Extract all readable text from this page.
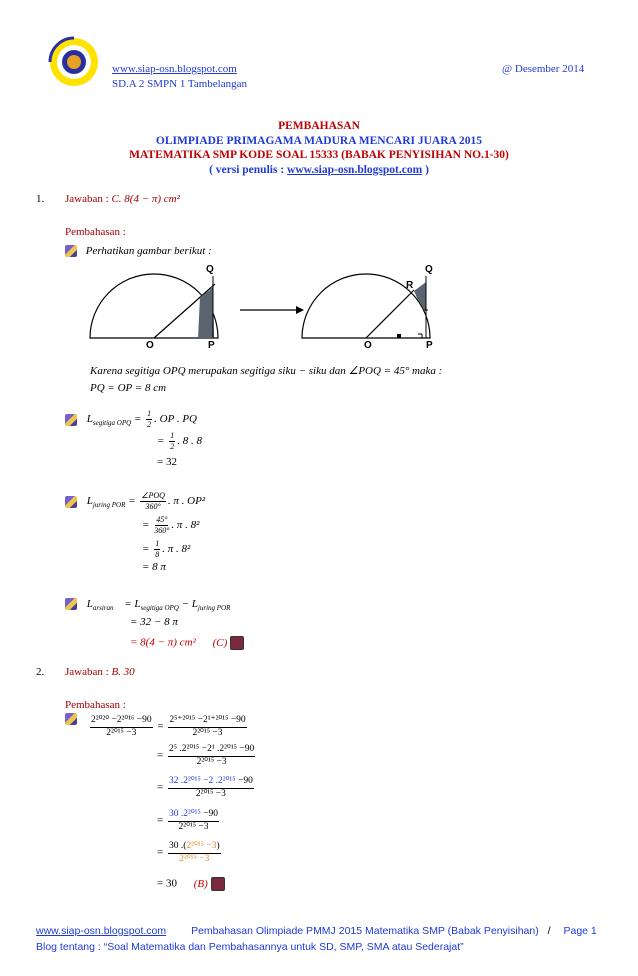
www.siap-osn.blogspot.com
SD.A 2 SMPN 1 Tambelangan
@ Desember 2014
PEMBAHASAN
OLIMPIADE PRIMAGAMA MADURA MENCARI JUARA 2015
MATEMATIKA SMP KODE SOAL 15333 (BABAK PENYISIHAN NO.1-30)
( versi penulis : www.siap-osn.blogspot.com )
1. Jawaban : C. 8(4 − π) cm²
Pembahasan :
Perhatikan gambar berikut :
Q
O	P
Q
R
O	P
Karena segitiga OPQ merupakan segitiga siku − siku dan ∠POQ = 45° maka :
PQ = OP = 8 cm
$L_{segitiga OPQ} = \frac{1}{2}$ . OP . PQ
= $\frac{1}{2}$ . 8 . 8
= 32
$L_{juring POR} = \frac{\text{∠POQ}}{360^\circ}$ . π . OP²
= $\frac{45^\circ}{360^\circ}$ . π . 8²
= $\frac{1}{8}$ . π . 8²
= 8 π
$L_{arsiran} = L_{segitiga OPQ} - L_{juring POR}$
= 32 − 8 π
= 8(4 − π) cm² (C)
2. Jawaban : B. 30
Pembahasan :
$\frac{\text{2²⁰²⁰ −2²⁰¹⁶ −90}}{\text{2²⁰¹⁵ −3}} = \frac{\text{2⁵⁺²⁰¹⁵ −2¹⁺²⁰¹⁵ −90}}{\text{2²⁰¹⁵ −3}}$
= $\frac{\text{2⁵ .2²⁰¹⁵ −2¹ .2²⁰¹⁵ −90}}{\text{2²⁰¹⁵ −3}}$
= $\frac{\text{32 .2²⁰¹⁵ −2 .2²⁰¹⁵ −90}}{\text{2²⁰¹⁵ −3}}$
= $\frac{\text{30 .2²⁰¹⁵ −90}}{\text{2²⁰¹⁵ −3}}$
= $\frac{\text{30 .(2²⁰¹⁵ −3)}}{\text{2²⁰¹⁵ −3}}$
= 30 (B)
www.siap-osn.blogspot.com Pembahasan Olimpiade PMMJ 2015 Matematika SMP (Babak Penyisihan) / Page 1
Blog tentang : “Soal Matematika dan Pembahasannya untuk SD, SMP, SMA atau Sederajat”
